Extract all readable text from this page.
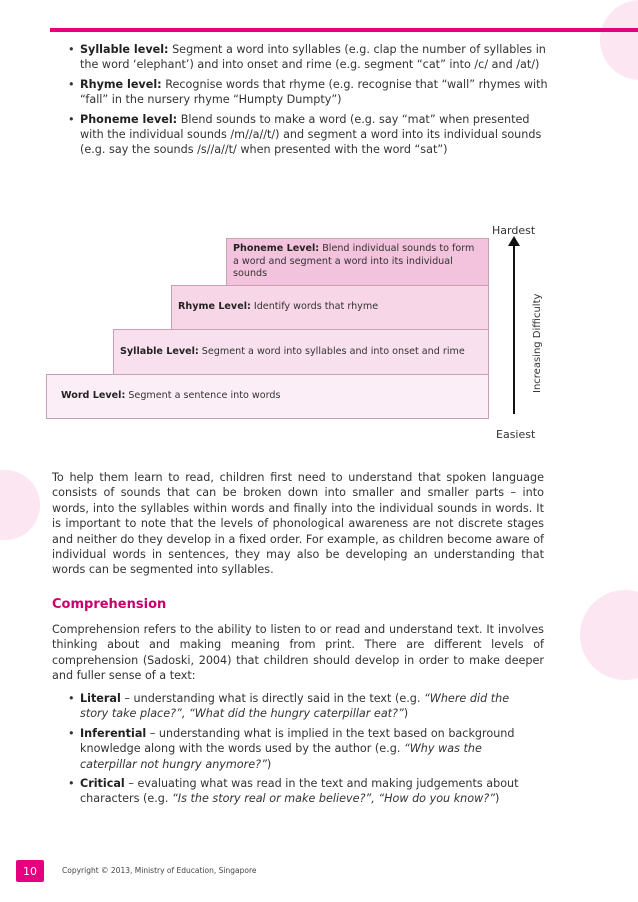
• Syllable level: Segment a word into syllables (e.g. clap the number of syllables in the word ‘elephant’) and into onset and rime (e.g. segment “cat” into /c/ and /at/)
• Rhyme level: Recognise words that rhyme (e.g. recognise that “wall” rhymes with “fall” in the nursery rhyme “Humpty Dumpty”)
• Phoneme level: Blend sounds to make a word (e.g. say “mat” when presented with the individual sounds /m//a//t/) and segment a word into its individual sounds (e.g. say the sounds /s//a//t/ when presented with the word “sat”)
Phoneme Level: Blend individual sounds to form a word and segment a word into its individual sounds
Rhyme Level: Identify words that rhyme
Syllable Level: Segment a word into syllables and into onset and rime
Word Level: Segment a sentence into words
Hardest
Easiest
Increasing Difficulty
To help them learn to read, children first need to understand that spoken language consists of sounds that can be broken down into smaller and smaller parts – into words, into the syllables within words and finally into the individual sounds in words. It is important to note that the levels of phonological awareness are not discrete stages and neither do they develop in a fixed order. For example, as children become aware of individual words in sentences, they may also be developing an understanding that words can be segmented into syllables.
Comprehension
Comprehension refers to the ability to listen to or read and understand text. It involves thinking about and making meaning from print. There are different levels of comprehension (Sadoski, 2004) that children should develop in order to make deeper and fuller sense of a text:
• Literal – understanding what is directly said in the text (e.g. “Where did the story take place?”, “What did the hungry caterpillar eat?”)
• Inferential – understanding what is implied in the text based on background knowledge along with the words used by the author (e.g. “Why was the caterpillar not hungry anymore?”)
• Critical – evaluating what was read in the text and making judgements about characters (e.g. “Is the story real or make believe?”, “How do you know?”)
10	Copyright © 2013, Ministry of Education, Singapore
